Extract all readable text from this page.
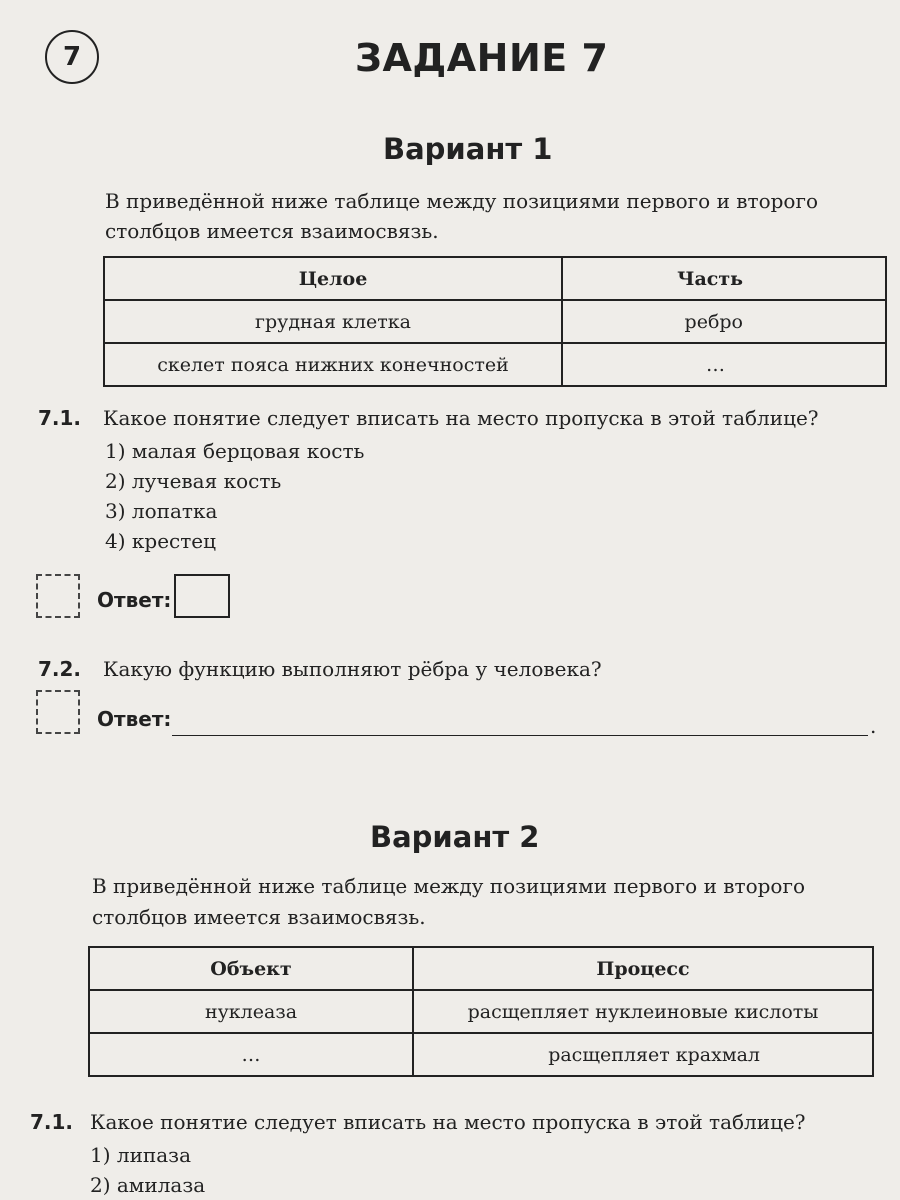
7	ЗАДАНИЕ 7
Вариант 1
В приведённой ниже таблице между позициями первого и второго
столбцов имеется взаимосвязь.
Целое	Часть
грудная клетка	ребро
скелет пояса нижних конечностей	…
7.1. Какое понятие следует вписать на место пропуска в этой таблице?
1) малая берцовая кость
2) лучевая кость
3) лопатка
4) крестец
Ответ:
7.2. Какую функцию выполняют рёбра у человека?
Ответ:	.
Вариант 2
В приведённой ниже таблице между позициями первого и второго
столбцов имеется взаимосвязь.
Объект	Процесс
нуклеаза	расщепляет нуклеиновые кислоты
…	расщепляет крахмал
7.1. Какое понятие следует вписать на место пропуска в этой таблице?
1) липаза
2) амилаза
